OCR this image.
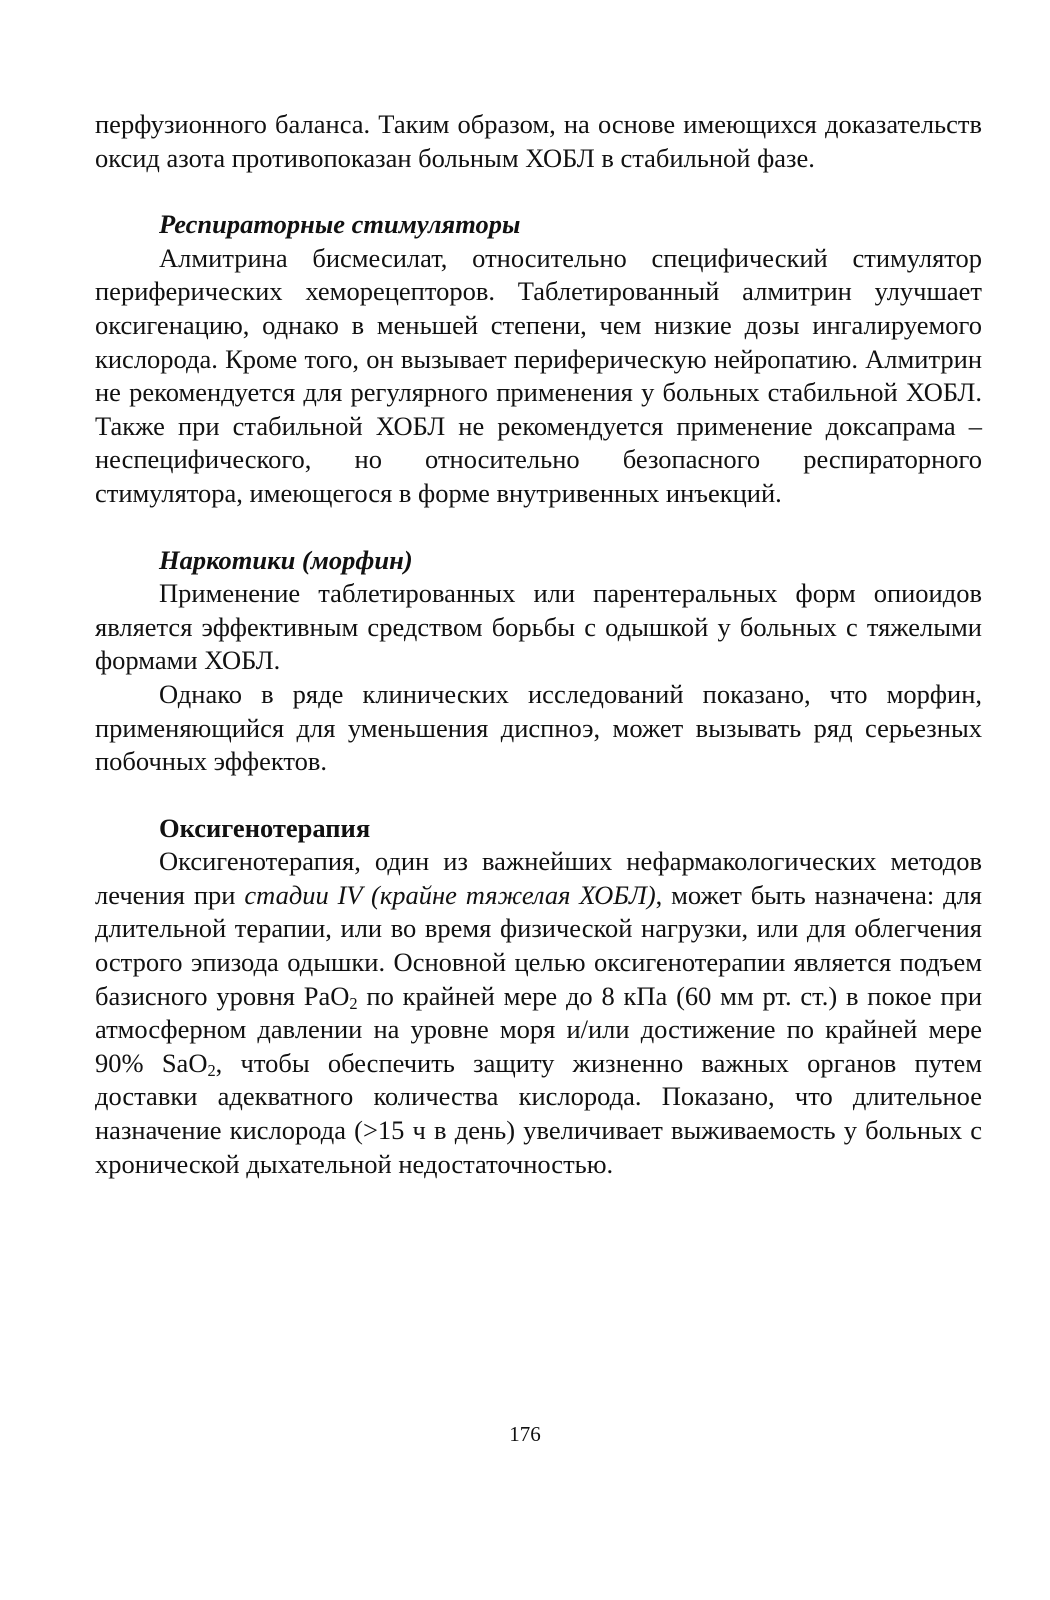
перфузионного баланса. Таким образом, на основе имеющихся доказательств оксид азота противопоказан больным ХОБЛ в стабильной фазе.

Респираторные стимуляторы

Алмитрина бисмесилат, относительно специфический стимулятор периферических хеморецепторов. Таблетированный алмитрин улучшает оксигенацию, однако в меньшей степени, чем низкие дозы ингалируемого кислорода. Кроме того, он вызывает периферическую нейропатию. Алмитрин не рекомендуется для регулярного применения у больных стабильной ХОБЛ. Также при стабильной ХОБЛ не рекомендуется применение доксапрама – неспецифического, но относительно безопасного респираторного стимулятора, имеющегося в форме внутривенных инъекций.

Наркотики (морфин)

Применение таблетированных или парентеральных форм опиоидов является эффективным средством борьбы с одышкой у больных с тяжелыми формами ХОБЛ.

Однако в ряде клинических исследований показано, что морфин, применяющийся для уменьшения диспноэ, может вызывать ряд серьезных побочных эффектов.

Оксигенотерапия

Оксигенотерапия, один из важнейших нефармакологических методов лечения при стадии IV (крайне тяжелая ХОБЛ), может быть назначена: для длительной терапии, или во время физической нагрузки, или для облегчения острого эпизода одышки. Основной целью оксигенотерапии является подъем базисного уровня PaO$_2$ по крайней мере до 8 кПа (60 мм рт. ст.) в покое при атмосферном давлении на уровне моря и/или достижение по крайней мере 90% SaO$_2$, чтобы обеспечить защиту жизненно важных органов путем доставки адекватного количества кислорода. Показано, что длительное назначение кислорода (>15 ч в день) увеличивает выживаемость у больных с хронической дыхательной недостаточностью.

176
